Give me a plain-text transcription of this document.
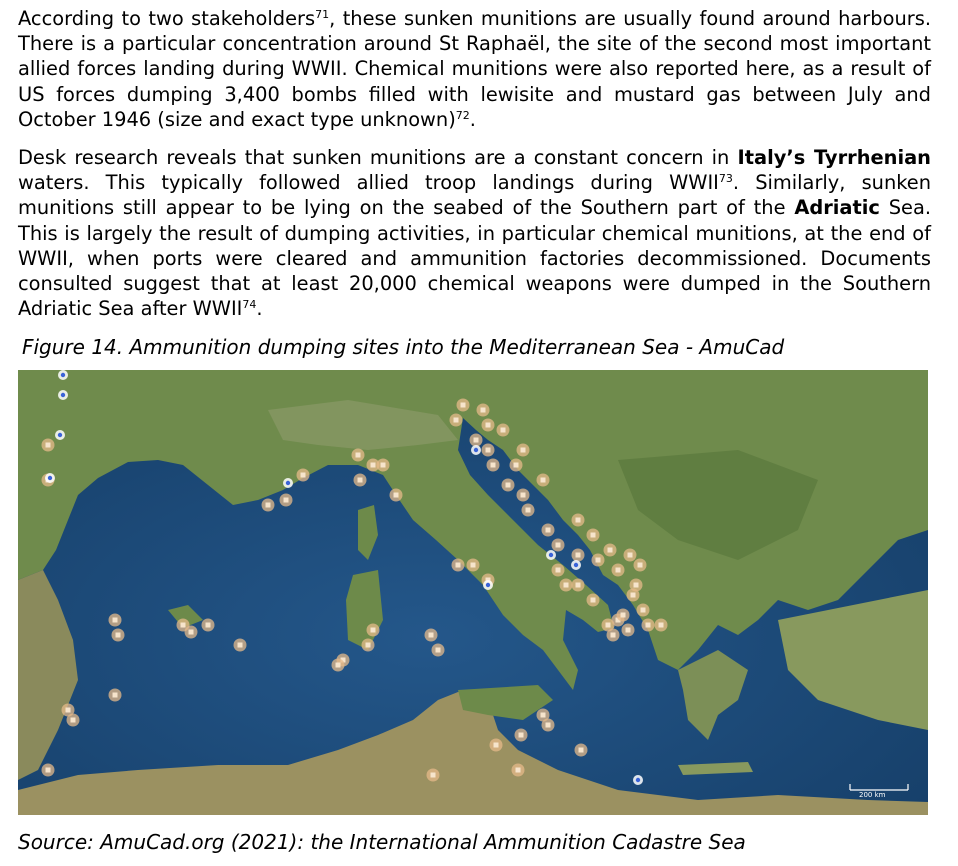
According to two stakeholders$^{71}$, these sunken munitions are usually found around harbours. There is a particular concentration around St Raphaël, the site of the second most important allied forces landing during WWII. Chemical munitions were also reported here, as a result of US forces dumping 3,400 bombs filled with lewisite and mustard gas between July and October 1946 (size and exact type unknown)$^{72}$.

Desk research reveals that sunken munitions are a constant concern in Italy’s Tyrrhenian waters. This typically followed allied troop landings during WWII$^{73}$. Similarly, sunken munitions still appear to be lying on the seabed of the Southern part of the Adriatic Sea. This is largely the result of dumping activities, in particular chemical munitions, at the end of WWII, when ports were cleared and ammunition factories decommissioned. Documents consulted suggest that at least 20,000 chemical weapons were dumped in the Southern Adriatic Sea after WWII$^{74}$.

Figure 14. Ammunition dumping sites into the Mediterranean Sea - AmuCad

200 km

Source: AmuCad.org (2021): the International Ammunition Cadastre Sea
